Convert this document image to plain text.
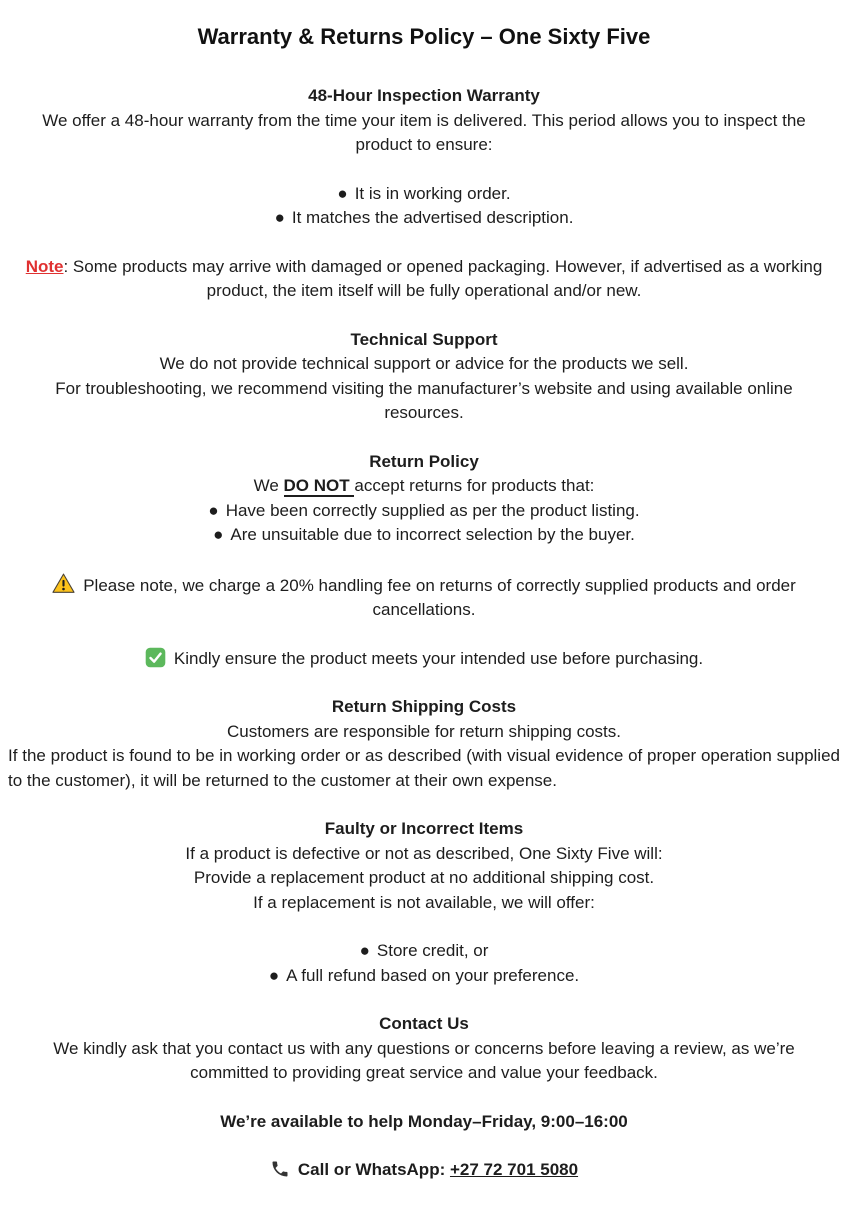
Warranty & Returns Policy – One Sixty Five
48-Hour Inspection Warranty
We offer a 48-hour warranty from the time your item is delivered. This period allows you to inspect the product to ensure:
● It is in working order.
● It matches the advertised description.
Note: Some products may arrive with damaged or opened packaging. However, if advertised as a working product, the item itself will be fully operational and/or new.
Technical Support
We do not provide technical support or advice for the products we sell.
For troubleshooting, we recommend visiting the manufacturer’s website and using available online resources.
Return Policy
We DO NOT accept returns for products that:
● Have been correctly supplied as per the product listing.
● Are unsuitable due to incorrect selection by the buyer.
Please note, we charge a 20% handling fee on returns of correctly supplied products and order cancellations.
Kindly ensure the product meets your intended use before purchasing.
Return Shipping Costs
Customers are responsible for return shipping costs.
If the product is found to be in working order or as described (with visual evidence of proper operation supplied to the customer), it will be returned to the customer at their own expense.
Faulty or Incorrect Items
If a product is defective or not as described, One Sixty Five will:
Provide a replacement product at no additional shipping cost.
If a replacement is not available, we will offer:
● Store credit, or
● A full refund based on your preference.
Contact Us
We kindly ask that you contact us with any questions or concerns before leaving a review, as we’re committed to providing great service and value your feedback.
We’re available to help Monday–Friday, 9:00–16:00
Call or WhatsApp: +27 72 701 5080
